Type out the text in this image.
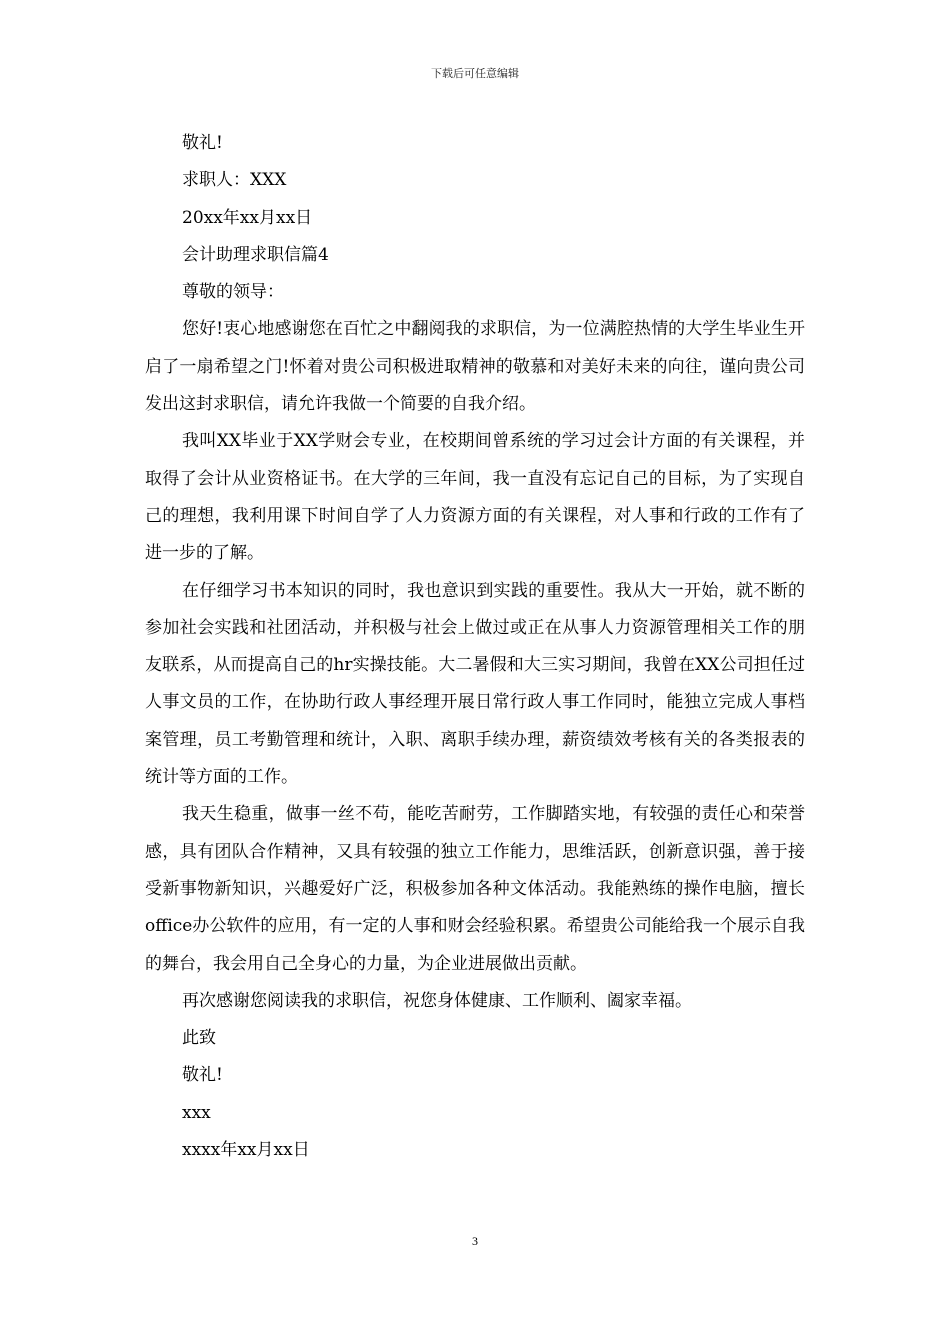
下载后可任意编辑

敬礼!

求职人：XXX

20xx年xx月xx日

会计助理求职信篇4

尊敬的领导：

您好!衷心地感谢您在百忙之中翻阅我的求职信，为一位满腔热情的大学生毕业生开启了一扇希望之门!怀着对贵公司积极进取精神的敬慕和对美好未来的向往，谨向贵公司发出这封求职信，请允许我做一个简要的自我介绍。

我叫XX毕业于XX学财会专业，在校期间曾系统的学习过会计方面的有关课程，并取得了会计从业资格证书。在大学的三年间，我一直没有忘记自己的目标，为了实现自己的理想，我利用课下时间自学了人力资源方面的有关课程，对人事和行政的工作有了进一步的了解。

在仔细学习书本知识的同时，我也意识到实践的重要性。我从大一开始，就不断的参加社会实践和社团活动，并积极与社会上做过或正在从事人力资源管理相关工作的朋友联系，从而提高自己的hr实操技能。大二暑假和大三实习期间，我曾在XX公司担任过人事文员的工作，在协助行政人事经理开展日常行政人事工作同时，能独立完成人事档案管理，员工考勤管理和统计，入职、离职手续办理，薪资绩效考核有关的各类报表的统计等方面的工作。

我天生稳重，做事一丝不苟，能吃苦耐劳，工作脚踏实地，有较强的责任心和荣誉感，具有团队合作精神，又具有较强的独立工作能力，思维活跃，创新意识强，善于接受新事物新知识，兴趣爱好广泛，积极参加各种文体活动。我能熟练的操作电脑，擅长office办公软件的应用，有一定的人事和财会经验积累。希望贵公司能给我一个展示自我的舞台，我会用自己全身心的力量，为企业进展做出贡献。

再次感谢您阅读我的求职信，祝您身体健康、工作顺利、阖家幸福。

此致

敬礼!

xxx

xxxx年xx月xx日

3
